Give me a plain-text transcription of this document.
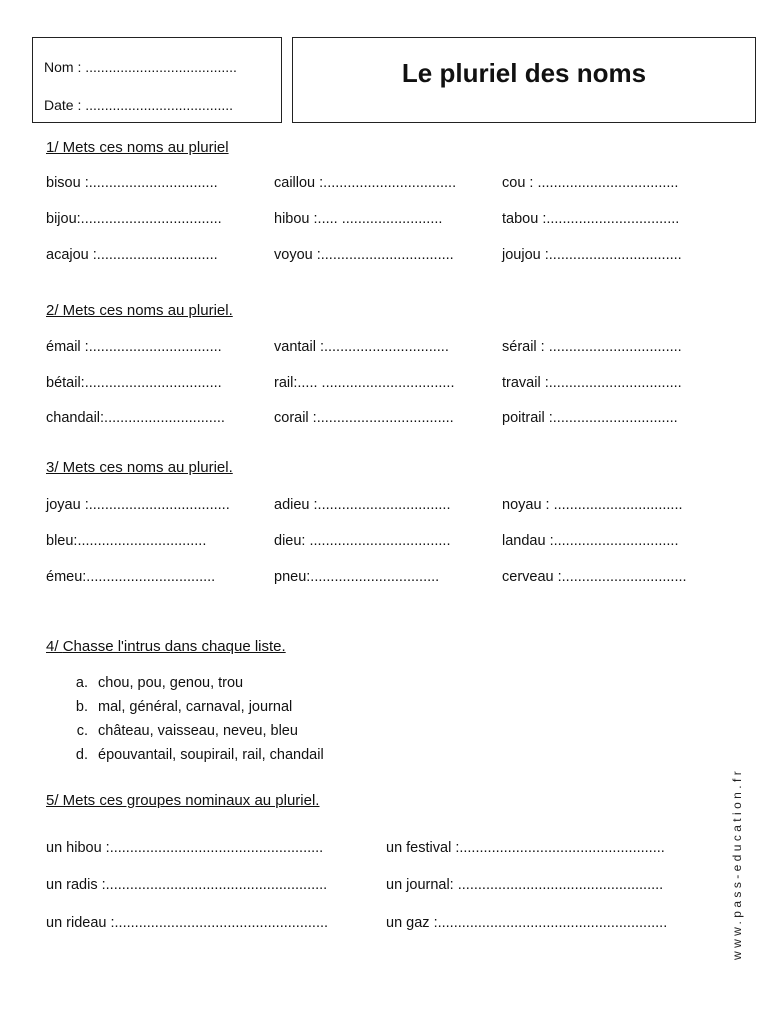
Nom : .......................................
Date : ......................................
Le pluriel des noms
1/ Mets ces noms au pluriel
bisou :................................	caillou :.................................	cou : ...................................
bijou:...................................	hibou :..... .........................	tabou :.................................
acajou :..............................	voyou :.................................	joujou :.................................
2/ Mets ces noms au pluriel.
émail :.................................	vantail :...............................	sérail : .................................
bétail:..................................	rail:..... .................................	travail :.................................
chandail:..............................	corail :..................................	poitrail :...............................
3/ Mets ces noms au pluriel.
joyau :...................................	adieu :.................................	noyau : ................................
bleu:................................	dieu: ...................................	landau :...............................
émeu:................................	pneu:................................	cerveau :...............................
4/ Chasse l'intrus dans chaque liste.
a. chou, pou, genou, trou
b. mal, général, carnaval, journal
c. château, vaisseau, neveu, bleu
d. épouvantail, soupirail, rail, chandail
5/ Mets ces groupes nominaux au pluriel.
un hibou :.....................................................	un festival :...................................................
un radis :.......................................................	un journal: ...................................................
un rideau :.....................................................	un gaz :.........................................................	www.pass-education.fr
